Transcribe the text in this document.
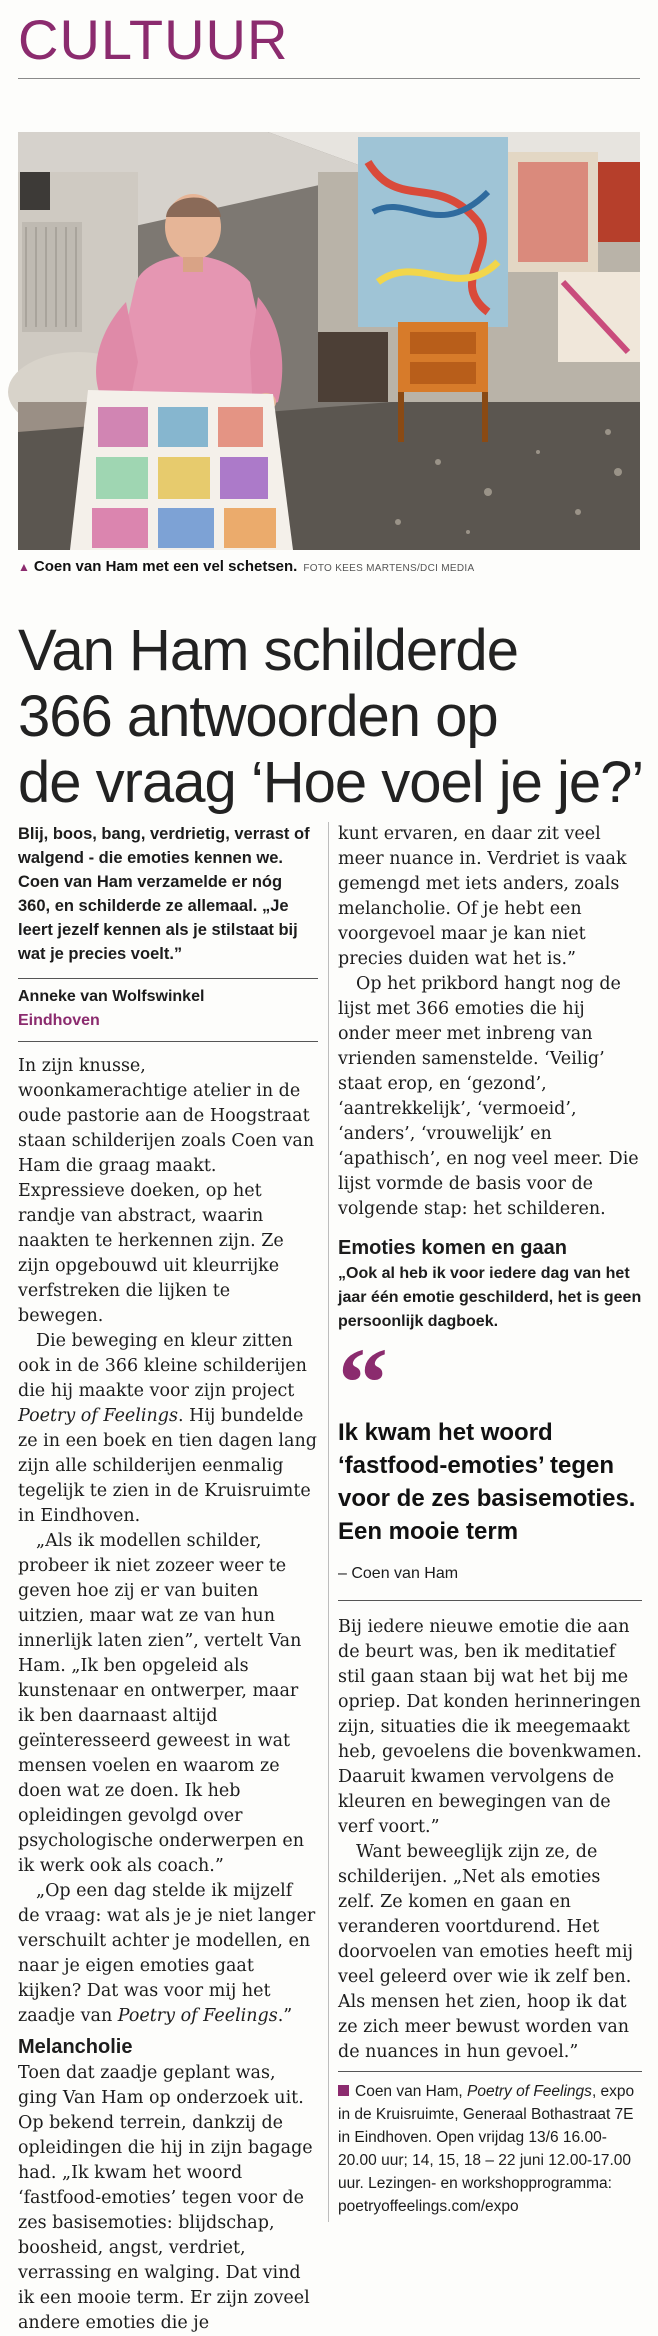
CULTUUR
▲ Coen van Ham met een vel schetsen. FOTO KEES MARTENS/DCI MEDIA
Van Ham schilderde
366 antwoorden op
de vraag ‘Hoe voel je je?’
Blij, boos, bang, verdrietig, verrast of walgend - die emoties kennen we. Coen van Ham verzamelde er nóg 360, en schilderde ze allemaal. „Je leert jezelf kennen als je stilstaat bij wat je precies voelt.”
Anneke van Wolfswinkel
Eindhoven

In zijn knusse, woonkamerachtige atelier in de oude pastorie aan de Hoogstraat staan schilderijen zoals Coen van Ham die graag maakt. Expressieve doeken, op het randje van abstract, waarin naakten te herkennen zijn. Ze zijn opgebouwd uit kleurrijke verfstreken die lijken te bewegen.

Die beweging en kleur zitten ook in de 366 kleine schilderijen die hij maakte voor zijn project Poetry of Feelings. Hij bundelde ze in een boek en tien dagen lang zijn alle schilderijen eenmalig tegelijk te zien in de Kruisruimte in Eindhoven.

„Als ik modellen schilder, probeer ik niet zozeer weer te geven hoe zij er van buiten uitzien, maar wat ze van hun innerlijk laten zien”, vertelt Van Ham. „Ik ben opgeleid als kunstenaar en ontwerper, maar ik ben daarnaast altijd geïnteresseerd geweest in wat mensen voelen en waarom ze doen wat ze doen. Ik heb opleidingen gevolgd over psychologische onderwerpen en ik werk ook als coach.”

„Op een dag stelde ik mijzelf de vraag: wat als je je niet langer verschuilt achter je modellen, en naar je eigen emoties gaat kijken? Dat was voor mij het zaadje van Poetry of Feelings.”

Melancholie

Toen dat zaadje geplant was, ging Van Ham op onderzoek uit. Op bekend terrein, dankzij de opleidingen die hij in zijn bagage had. „Ik kwam het woord ‘fastfood-emoties’ tegen voor de zes basisemoties: blijdschap, boosheid, angst, verdriet, verrassing en walging. Dat vind ik een mooie term. Er zijn zoveel andere emoties die je

kunt ervaren, en daar zit veel meer nuance in. Verdriet is vaak gemengd met iets anders, zoals melancholie. Of je hebt een voorgevoel maar je kan niet precies duiden wat het is.”

Op het prikbord hangt nog de lijst met 366 emoties die hij onder meer met inbreng van vrienden samenstelde. ‘Veilig’ staat erop, en ‘gezond’, ‘aantrekkelijk’, ‘vermoeid’, ‘anders’, ‘vrouwelijk’ en ‘apathisch’, en nog veel meer. Die lijst vormde de basis voor de volgende stap: het schilderen.

Emoties komen en gaan

„Ook al heb ik voor iedere dag van het jaar één emotie geschilderd, het is geen persoonlijk dagboek.

“
Ik kwam het woord ‘fastfood-emoties’ tegen voor de zes basisemoties. Een mooie term
– Coen van Ham

Bij iedere nieuwe emotie die aan de beurt was, ben ik meditatief stil gaan staan bij wat het bij me opriep. Dat konden herinneringen zijn, situaties die ik meegemaakt heb, gevoelens die bovenkwamen. Daaruit kwamen vervolgens de kleuren en bewegingen van de verf voort.”

Want beweeglijk zijn ze, de schilderijen. „Net als emoties zelf. Ze komen en gaan en veranderen voortdurend. Het doorvoelen van emoties heeft mij veel geleerd over wie ik zelf ben. Als mensen het zien, hoop ik dat ze zich meer bewust worden van de nuances in hun gevoel.”

Coen van Ham, Poetry of Feelings, expo in de Kruisruimte, Generaal Bothastraat 7E in Eindhoven. Open vrijdag 13/6 16.00-20.00 uur; 14, 15, 18 – 22 juni 12.00-17.00 uur. Lezingen- en workshopprogramma: poetryoffeelings.com/expo
